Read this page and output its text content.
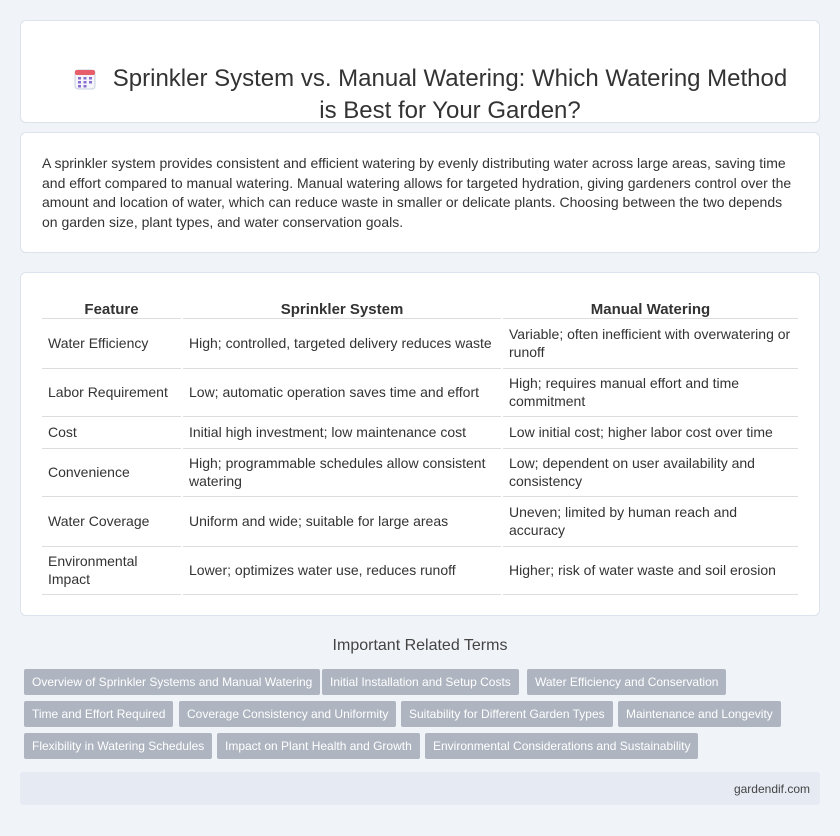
Sprinkler System vs. Manual Watering: Which Watering Method is Best for Your Garden?

A sprinkler system provides consistent and efficient watering by evenly distributing water across large areas, saving time and effort compared to manual watering. Manual watering allows for targeted hydration, giving gardeners control over the amount and location of water, which can reduce waste in smaller or delicate plants. Choosing between the two depends on garden size, plant types, and water conservation goals.

Feature	Sprinkler System	Manual Watering
Water Efficiency	High; controlled, targeted delivery reduces waste	Variable; often inefficient with overwatering or runoff
Labor Requirement	Low; automatic operation saves time and effort	High; requires manual effort and time commitment
Cost	Initial high investment; low maintenance cost	Low initial cost; higher labor cost over time
Convenience	High; programmable schedules allow consistent watering	Low; dependent on user availability and consistency
Water Coverage	Uniform and wide; suitable for large areas	Uneven; limited by human reach and accuracy
Environmental Impact	Lower; optimizes water use, reduces runoff	Higher; risk of water waste and soil erosion
Important Related Terms
Overview of Sprinkler Systems and Manual Watering	Initial Installation and Setup Costs	Water Efficiency and Conservation
Time and Effort Required	Coverage Consistency and Uniformity	Suitability for Different Garden Types	Maintenance and Longevity
Flexibility in Watering Schedules	Impact on Plant Health and Growth	Environmental Considerations and Sustainability
gardendif.com
